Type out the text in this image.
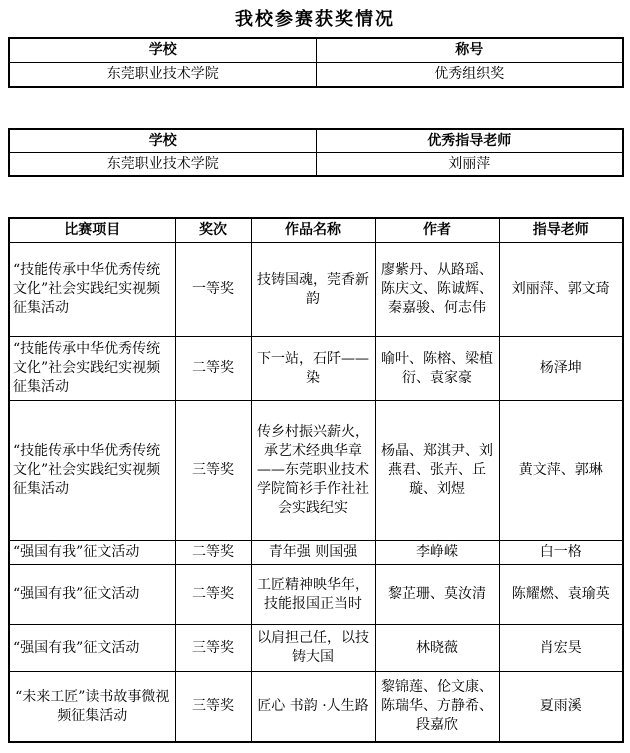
我校参赛获奖情况
学校	称号
东莞职业技术学院	优秀组织奖
学校	优秀指导老师
东莞职业技术学院	刘丽萍
比赛项目	奖次	作品名称	作者	指导老师
“技能传承中华优秀传统文化”社会实践纪实视频征集活动	一等奖	技铸国魂，莞香新韵	廖紫丹、从路瑶、陈庆文、陈诚辉、秦嘉骏、何志伟	刘丽萍、郭文琦
“技能传承中华优秀传统文化”社会实践纪实视频征集活动	二等奖	下一站，石阡——染	喻叶、陈榕、梁植衍、袁家豪	杨泽坤
“技能传承中华优秀传统文化”社会实践纪实视频征集活动	三等奖	传乡村振兴薪火，承艺术经典华章——东莞职业技术学院简衫手作社社会实践纪实	杨晶、郑淇尹、刘燕君、张卉、丘璇、刘煜	黄文萍、郭琳
“强国有我”征文活动	二等奖	青年强 则国强	李峥嵘	白一格
“强国有我”征文活动	二等奖	工匠精神映华年，技能报国正当时	黎芷珊、莫汝清	陈耀燃、袁瑜英
“强国有我”征文活动	三等奖	以肩担己任，以技铸大国	林晓薇	肖宏昊
“未来工匠”读书故事微视频征集活动	三等奖	匠心 书韵 ·人生路	黎锦莲、伦文康、陈瑞华、方静希、段嘉欣	夏雨溪
